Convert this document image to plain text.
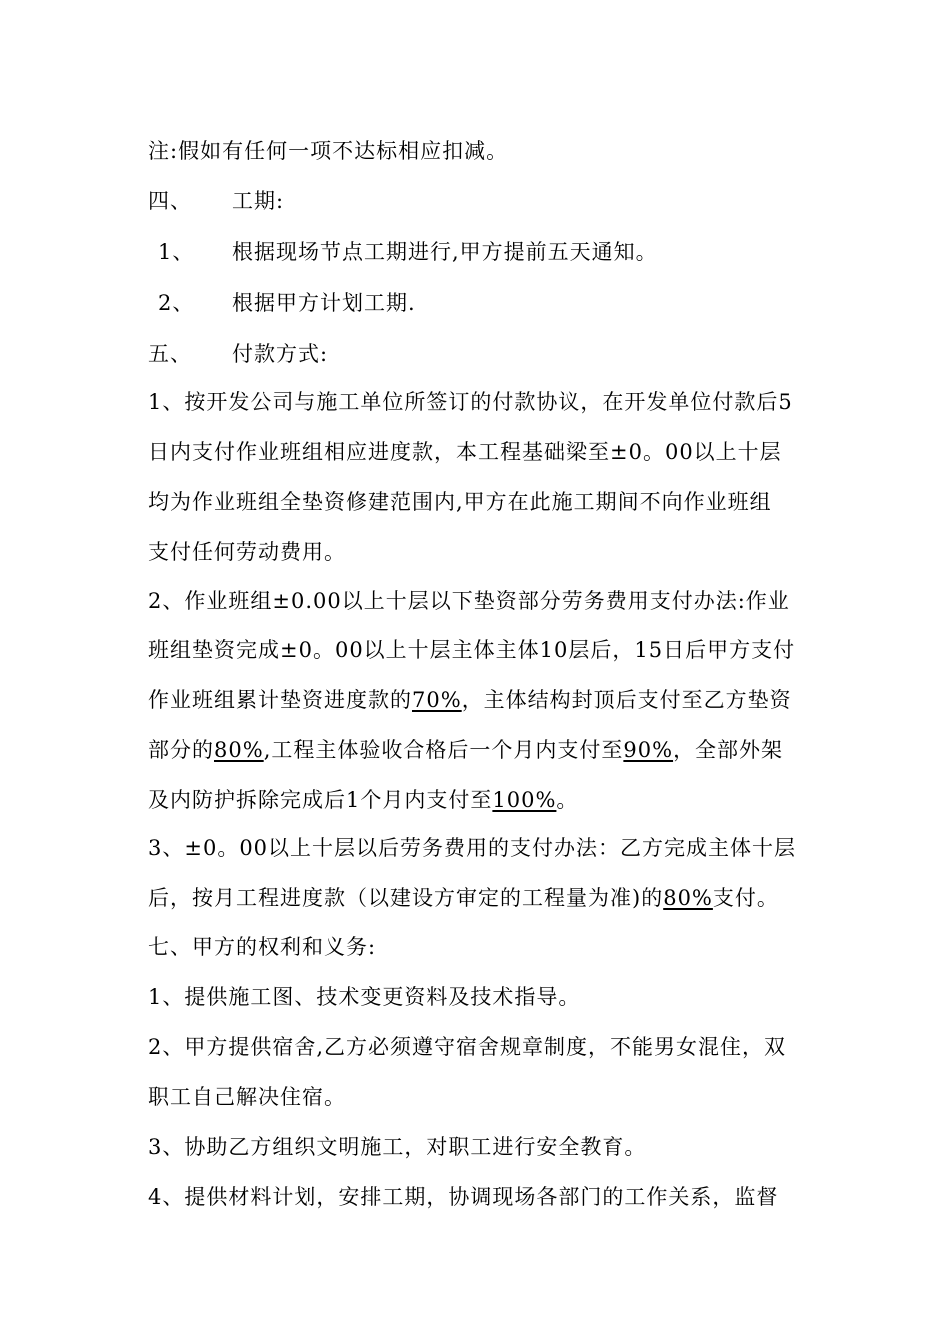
注:假如有任何一项不达标相应扣减。
四、 工期:
1、 根据现场节点工期进行,甲方提前五天通知。
2、 根据甲方计划工期.
五、 付款方式:
1、按开发公司与施工单位所签订的付款协议，在开发单位付款后5
日内支付作业班组相应进度款，本工程基础梁至±0。00以上十层
均为作业班组全垫资修建范围内,甲方在此施工期间不向作业班组
支付任何劳动费用。
2、作业班组±0.00以上十层以下垫资部分劳务费用支付办法:作业
班组垫资完成±0。00以上十层主体主体10层后，15日后甲方支付
作业班组累计垫资进度款的70%，主体结构封顶后支付至乙方垫资
部分的80%,工程主体验收合格后一个月内支付至90%，全部外架
及内防护拆除完成后1个月内支付至100%。
3、±0。00以上十层以后劳务费用的支付办法：乙方完成主体十层
后，按月工程进度款（以建设方审定的工程量为准)的80%支付。
七、甲方的权利和义务:
1、提供施工图、技术变更资料及技术指导。
2、甲方提供宿舍,乙方必须遵守宿舍规章制度，不能男女混住，双
职工自己解决住宿。
3、协助乙方组织文明施工，对职工进行安全教育。
4、提供材料计划，安排工期，协调现场各部门的工作关系，监督
